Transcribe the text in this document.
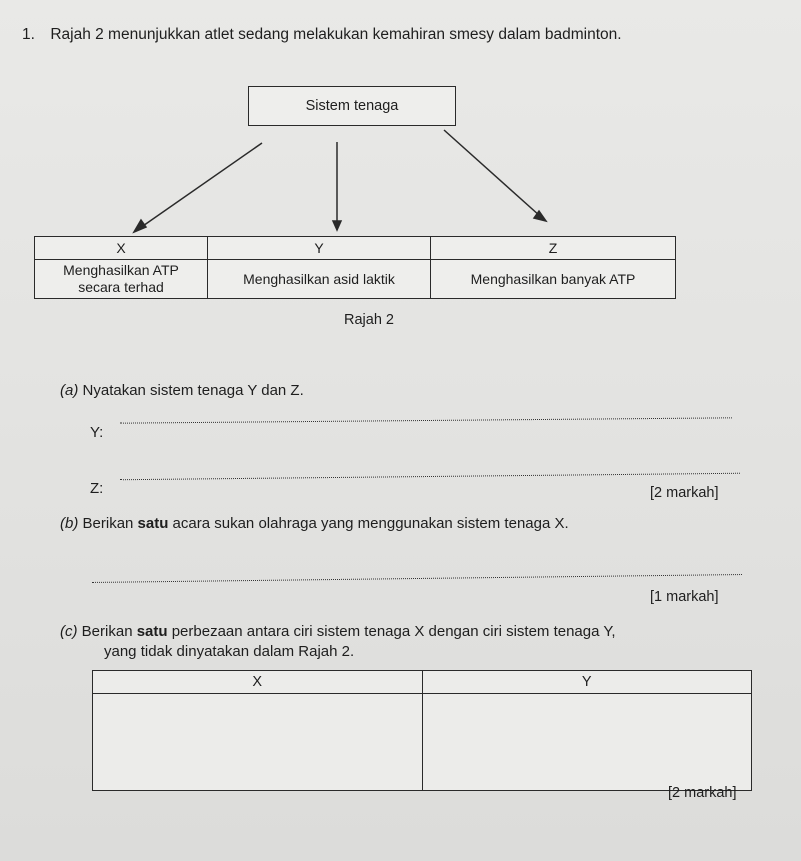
1. Rajah 2 menunjukkan atlet sedang melakukan kemahiran smesy dalam badminton.
Sistem tenaga
X	Y	Z
Menghasilkan ATP secara terhad	Menghasilkan asid laktik	Menghasilkan banyak ATP
Rajah 2
(a) Nyatakan sistem tenaga Y dan Z.
Y:
Z:	[2 markah]
(b) Berikan satu acara sukan olahraga yang menggunakan sistem tenaga X.
[1 markah]
(c) Berikan satu perbezaan antara ciri sistem tenaga X dengan ciri sistem tenaga Y,
yang tidak dinyatakan dalam Rajah 2.
X	Y

[2 markah]
